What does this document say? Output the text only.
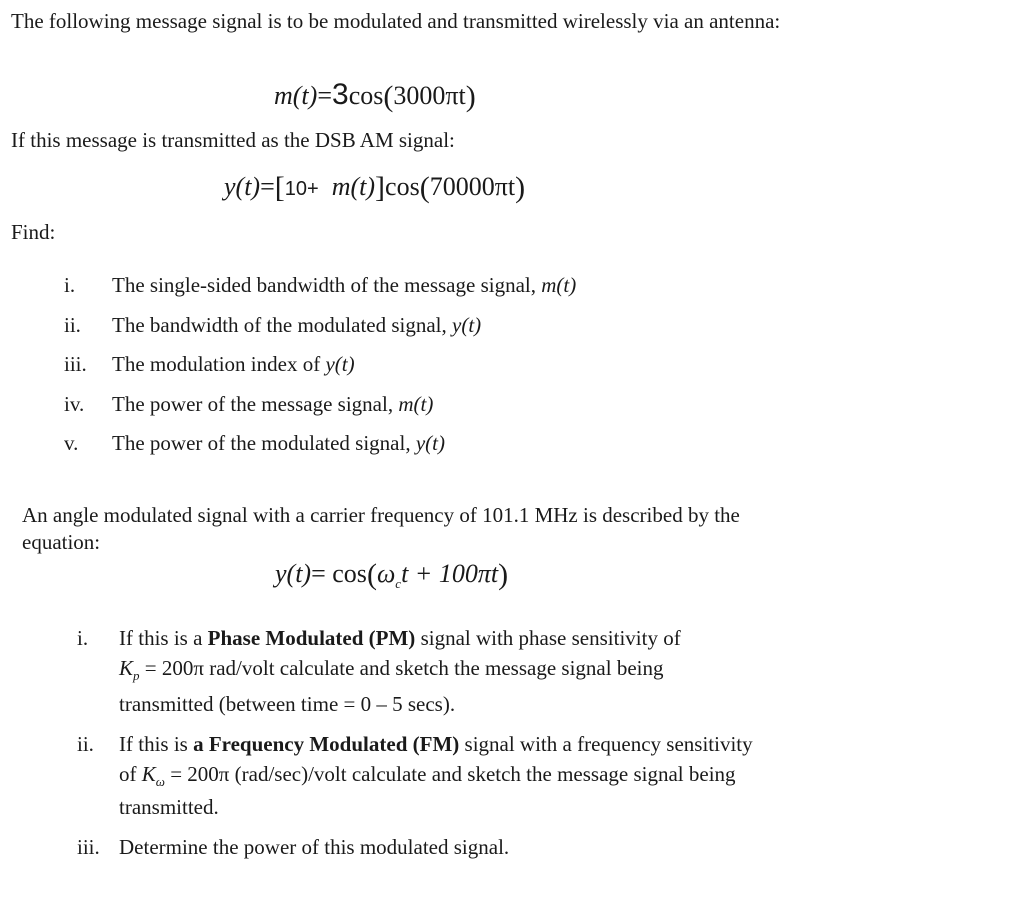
The following message signal is to be modulated and transmitted wirelessly via an antenna:
m(t)=3cos(3000πt)
If this message is transmitted as the DSB AM signal:
y(t)=[10+ m(t)]cos(70000πt)
Find:
i. The single-sided bandwidth of the message signal, m(t)
ii. The bandwidth of the modulated signal, y(t)
iii. The modulation index of y(t)
iv. The power of the message signal, m(t)
v. The power of the modulated signal, y(t)
An angle modulated signal with a carrier frequency of 101.1 MHz is described by the
equation:
$y(t)= \cos(\omega_ct + 100\pi t)$
i. If this is a Phase Modulated (PM) signal with phase sensitivity of
$K_p = 200\pi$ rad/volt calculate and sketch the message signal being
transmitted (between time = 0 – 5 secs).
ii. If this is a Frequency Modulated (FM) signal with a frequency sensitivity
of $K_\omega = 200\pi$ (rad/sec)/volt calculate and sketch the message signal being
transmitted.
iii. Determine the power of this modulated signal.
